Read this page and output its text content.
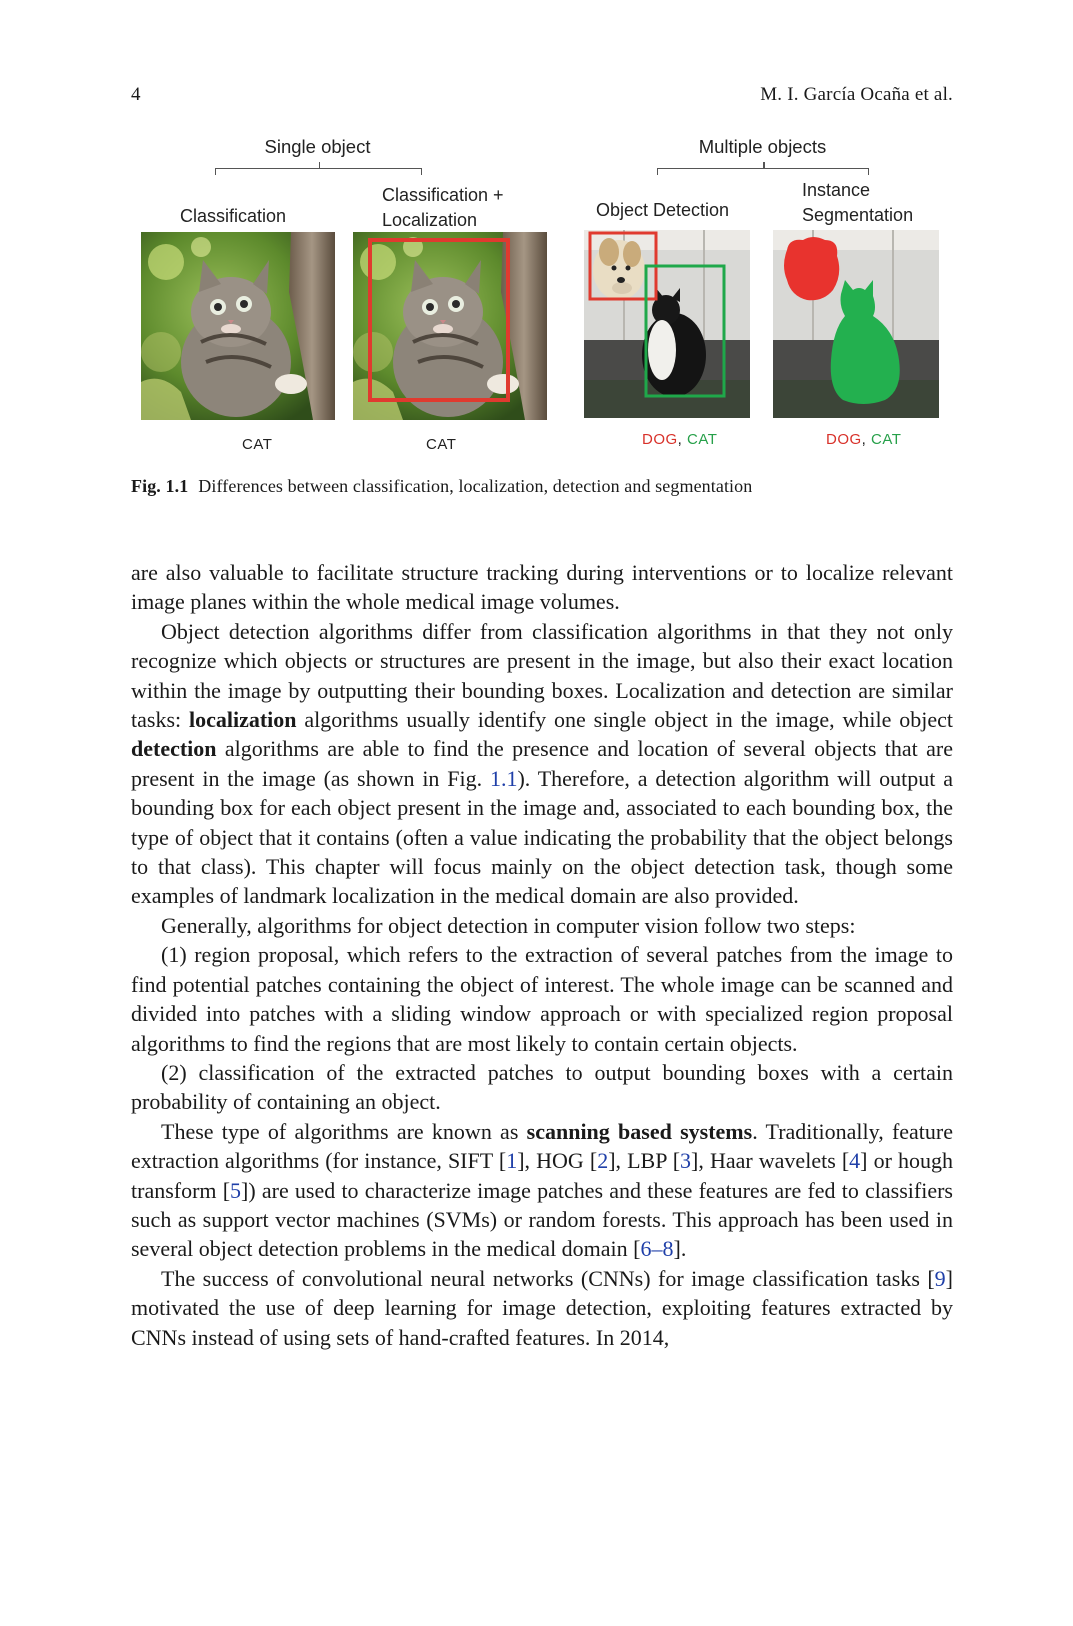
4	M. I. García Ocaña et al.
Single object	Multiple objects
Classification
Classification +
Localization	Object Detection
Instance
Segmentation
CAT	CAT	DOG, CAT	DOG, CAT
Fig. 1.1 Differences between classification, localization, detection and segmentation

are also valuable to facilitate structure tracking during interventions or to localize relevant image planes within the whole medical image volumes.

Object detection algorithms differ from classification algorithms in that they not only recognize which objects or structures are present in the image, but also their exact location within the image by outputting their bounding boxes. Localization and detection are similar tasks: localization algorithms usually identify one single object in the image, while object detection algorithms are able to find the presence and location of several objects that are present in the image (as shown in Fig. 1.1). Therefore, a detection algorithm will output a bounding box for each object present in the image and, associated to each bounding box, the type of object that it contains (often a value indicating the probability that the object belongs to that class). This chapter will focus mainly on the object detection task, though some examples of landmark localization in the medical domain are also provided.

Generally, algorithms for object detection in computer vision follow two steps:

(1) region proposal, which refers to the extraction of several patches from the image to find potential patches containing the object of interest. The whole image can be scanned and divided into patches with a sliding window approach or with specialized region proposal algorithms to find the regions that are most likely to contain certain objects.

(2) classification of the extracted patches to output bounding boxes with a certain probability of containing an object.

These type of algorithms are known as scanning based systems. Traditionally, feature extraction algorithms (for instance, SIFT [1], HOG [2], LBP [3], Haar wavelets [4] or hough transform [5]) are used to characterize image patches and these features are fed to classifiers such as support vector machines (SVMs) or random forests. This approach has been used in several object detection problems in the medical domain [6–8].

The success of convolutional neural networks (CNNs) for image classification tasks [9] motivated the use of deep learning for image detection, exploiting features extracted by CNNs instead of using sets of hand-crafted features. In 2014,
